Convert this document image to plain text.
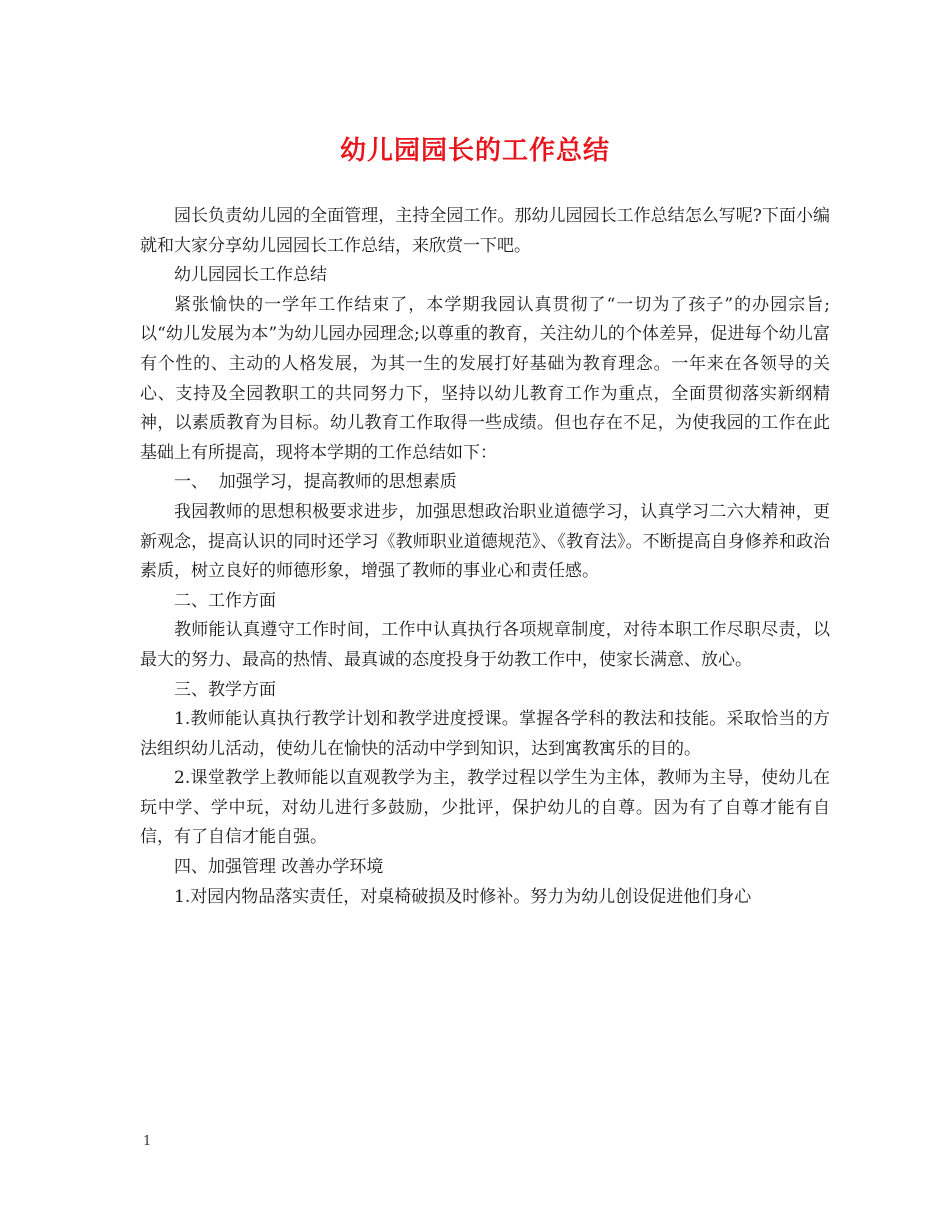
幼儿园园长的工作总结

园长负责幼儿园的全面管理，主持全园工作。那幼儿园园长工作总结怎么写呢?下面小编就和大家分享幼儿园园长工作总结，来欣赏一下吧。

幼儿园园长工作总结

紧张愉快的一学年工作结束了，本学期我园认真贯彻了“一切为了孩子”的办园宗旨;以“幼儿发展为本”为幼儿园办园理念;以尊重的教育，关注幼儿的个体差异，促进每个幼儿富有个性的、主动的人格发展，为其一生的发展打好基础为教育理念。一年来在各领导的关心、支持及全园教职工的共同努力下，坚持以幼儿教育工作为重点，全面贯彻落实新纲精神，以素质教育为目标。幼儿教育工作取得一些成绩。但也存在不足，为使我园的工作在此基础上有所提高，现将本学期的工作总结如下：

一、  加强学习，提高教师的思想素质

我园教师的思想积极要求进步，加强思想政治职业道德学习，认真学习二六大精神，更新观念，提高认识的同时还学习《教师职业道德规范》、《教育法》。不断提高自身修养和政治素质，树立良好的师德形象，增强了教师的事业心和责任感。

二、工作方面

教师能认真遵守工作时间，工作中认真执行各项规章制度，对待本职工作尽职尽责，以最大的努力、最高的热情、最真诚的态度投身于幼教工作中，使家长满意、放心。

三、教学方面

1.教师能认真执行教学计划和教学进度授课。掌握各学科的教法和技能。采取恰当的方法组织幼儿活动，使幼儿在愉快的活动中学到知识，达到寓教寓乐的目的。

2.课堂教学上教师能以直观教学为主，教学过程以学生为主体，教师为主导，使幼儿在玩中学、学中玩，对幼儿进行多鼓励，少批评，保护幼儿的自尊。因为有了自尊才能有自信，有了自信才能自强。

四、加强管理 改善办学环境

1.对园内物品落实责任，对桌椅破损及时修补。努力为幼儿创设促进他们身心

1
